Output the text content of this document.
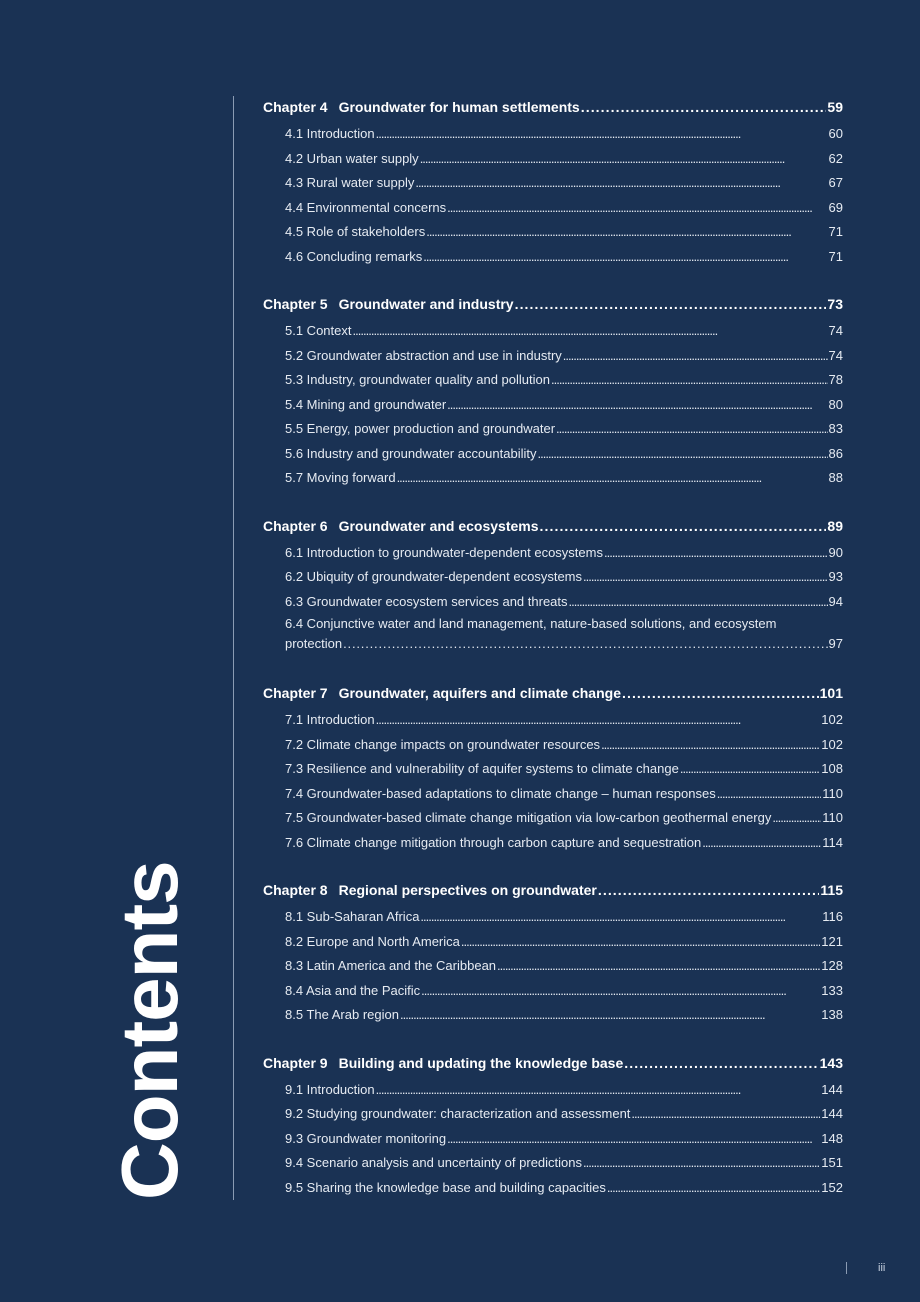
Contents
Chapter 4 Groundwater for human settlements . . .	59
4.1 Introduction . . .	60
4.2 Urban water supply . . .	62
4.3 Rural water supply . . .	67
4.4 Environmental concerns . . .	69
4.5 Role of stakeholders . . .	71
4.6 Concluding remarks . . .	71
Chapter 5 Groundwater and industry . . .	73
5.1 Context . . .	74
5.2 Groundwater abstraction and use in industry . . .	74
5.3 Industry, groundwater quality and pollution . . .	78
5.4 Mining and groundwater . . .	80
5.5 Energy, power production and groundwater . . .	83
5.6 Industry and groundwater accountability . . .	86
5.7 Moving forward . . .	88
Chapter 6 Groundwater and ecosystems . . .	89
6.1 Introduction to groundwater-dependent ecosystems . . .	90
6.2 Ubiquity of groundwater-dependent ecosystems . . .	93
6.3 Groundwater ecosystem services and threats . . .	94
6.4 Conjunctive water and land management, nature-based solutions, and ecosystem
protection . . .	97
Chapter 7 Groundwater, aquifers and climate change . . .	101
7.1 Introduction . . .	102
7.2 Climate change impacts on groundwater resources . . .	102
7.3 Resilience and vulnerability of aquifer systems to climate change . . .	108
7.4 Groundwater-based adaptations to climate change – human responses . . .	110
7.5 Groundwater-based climate change mitigation via low-carbon geothermal energy . . .	110
7.6 Climate change mitigation through carbon capture and sequestration . . .	114
Chapter 8 Regional perspectives on groundwater . . .	115
8.1 Sub-Saharan Africa . . .	116
8.2 Europe and North America . . .	121
8.3 Latin America and the Caribbean . . .	128
8.4 Asia and the Pacific . . .	133
8.5 The Arab region . . .	138
Chapter 9 Building and updating the knowledge base . . .	143
9.1 Introduction . . .	144
9.2 Studying groundwater: characterization and assessment . . .	144
9.3 Groundwater monitoring . . .	148
9.4 Scenario analysis and uncertainty of predictions . . .	151
9.5 Sharing the knowledge base and building capacities . . .	152
iii
